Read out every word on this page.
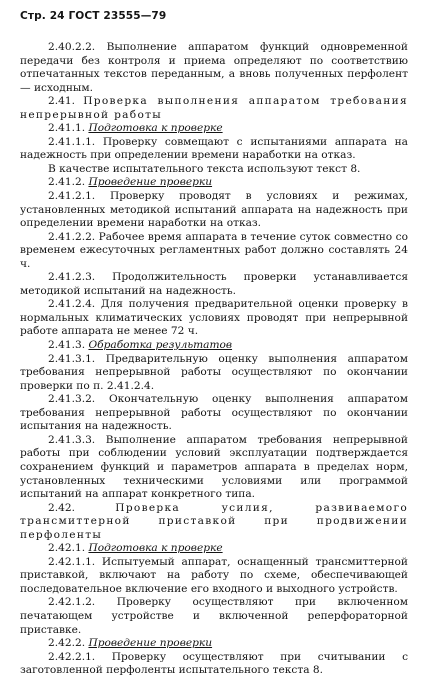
Стр. 24 ГОСТ 23555—79

2.40.2.2. Выполнение аппаратом функций одновременной передачи без контроля и приема определяют по соответствию отпечатанных текстов переданным, а вновь полученных перфолент — исходным.

2.41. Проверка выполнения аппаратом требования непрерывной работы

2.41.1. Подготовка к проверке

2.41.1.1. Проверку совмещают с испытаниями аппарата на надежность при определении времени наработки на отказ.

В качестве испытательного текста используют текст 8.

2.41.2. Проведение проверки

2.41.2.1. Проверку проводят в условиях и режимах, установленных методикой испытаний аппарата на надежность при определении времени наработки на отказ.

2.41.2.2. Рабочее время аппарата в течение суток совместно со временем ежесуточных регламентных работ должно составлять 24 ч.

2.41.2.3. Продолжительность проверки устанавливается методикой испытаний на надежность.

2.41.2.4. Для получения предварительной оценки проверку в нормальных климатических условиях проводят при непрерывной работе аппарата не менее 72 ч.

2.41.3. Обработка результатов

2.41.3.1. Предварительную оценку выполнения аппаратом требования непрерывной работы осуществляют по окончании проверки по п. 2.41.2.4.

2.41.3.2. Окончательную оценку выполнения аппаратом требования непрерывной работы осуществляют по окончании испытания на надежность.

2.41.3.3. Выполнение аппаратом требования непрерывной работы при соблюдении условий эксплуатации подтверждается сохранением функций и параметров аппарата в пределах норм, установленных техническими условиями или программой испытаний на аппарат конкретного типа.

2.42.	Проверка усилия, развиваемого трансмиттерной приставкой при продвижении перфоленты

2.42.1. Подготовка к проверке

2.42.1.1. Испытуемый аппарат, оснащенный трансмиттерной приставкой, включают на работу по схеме, обеспечивающей последовательное включение его входного и выходного устройств.

2.42.1.2. Проверку осуществляют при включенном печатающем устройстве и включенной реперфораторной приставке.

2.42.2. Проведение проверки

2.42.2.1. Проверку осуществляют при считывании с заготовленной перфоленты испытательного текста 8.
